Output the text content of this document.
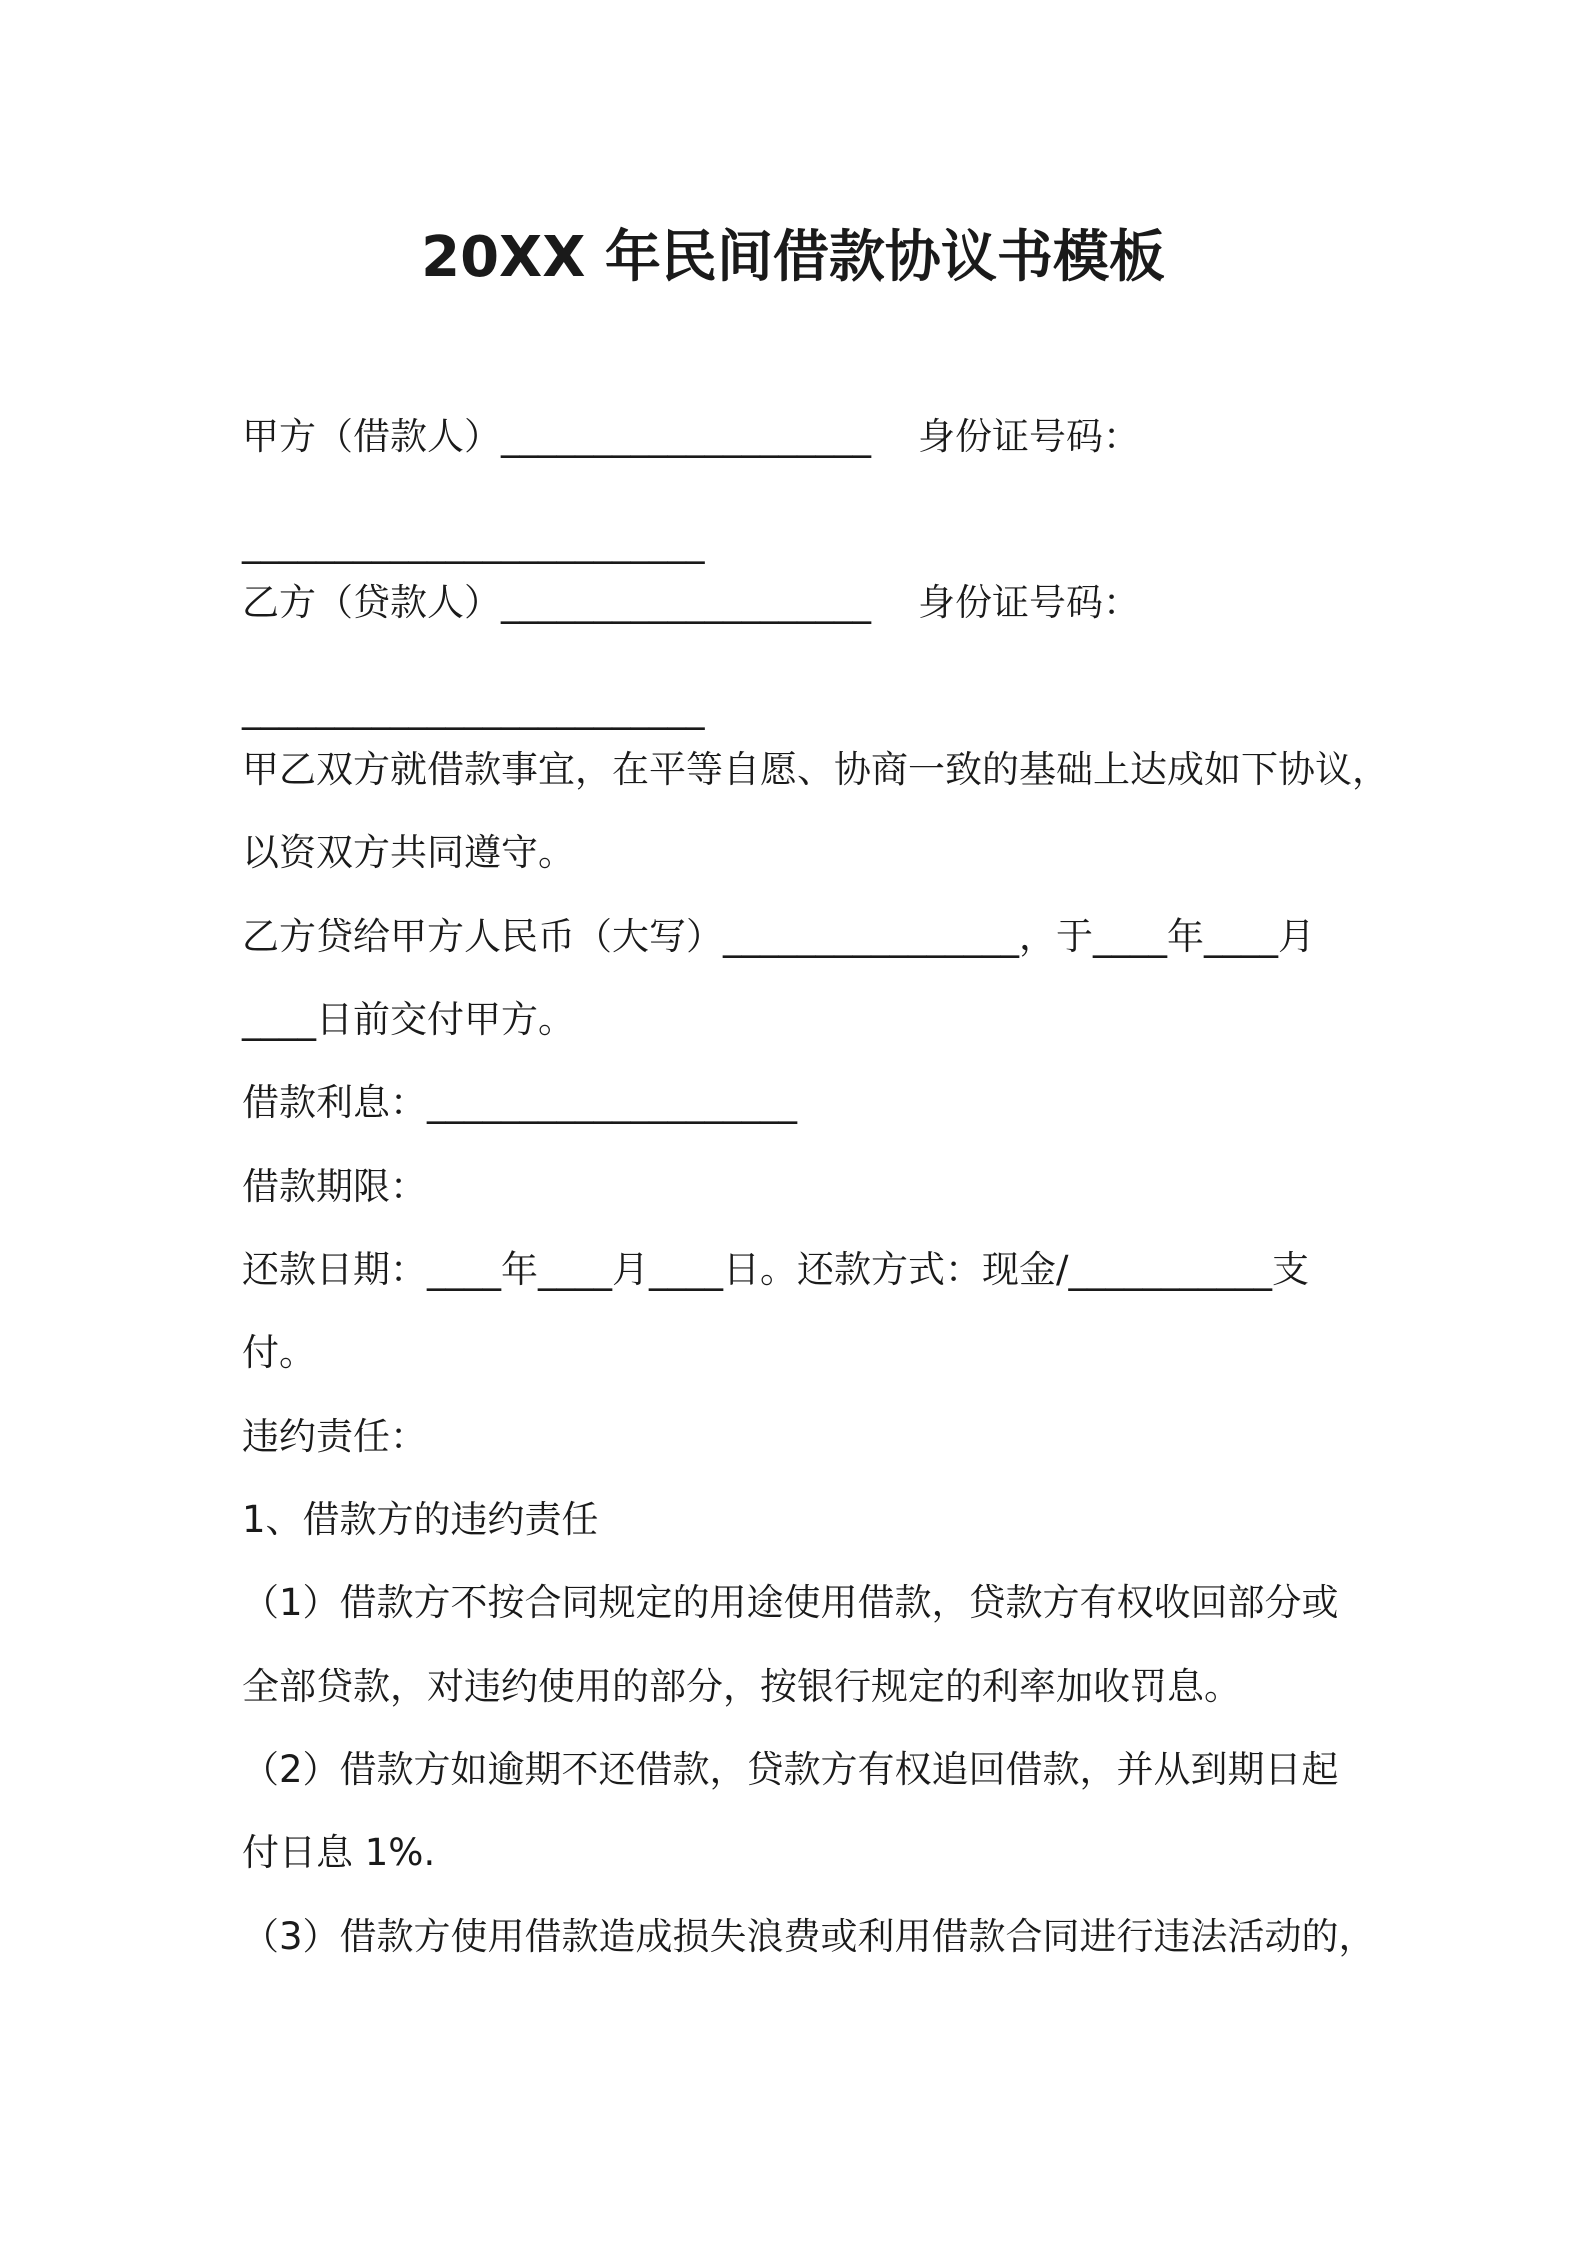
20XX 年民间借款协议书模板
甲方（借款人）____________________    身份证号码：
_________________________
乙方（贷款人）____________________    身份证号码：
_________________________
甲乙双方就借款事宜，在平等自愿、协商一致的基础上达成如下协议，
以资双方共同遵守。
乙方贷给甲方人民币（大写）________________，于____年____月
____日前交付甲方。
借款利息：____________________
借款期限：
还款日期：____年____月____日。还款方式：现金/___________支
付。
违约责任：
1、借款方的违约责任
（1）借款方不按合同规定的用途使用借款，贷款方有权收回部分或
全部贷款，对违约使用的部分，按银行规定的利率加收罚息。
（2）借款方如逾期不还借款，贷款方有权追回借款，并从到期日起
付日息 1%.
（3）借款方使用借款造成损失浪费或利用借款合同进行违法活动的，
